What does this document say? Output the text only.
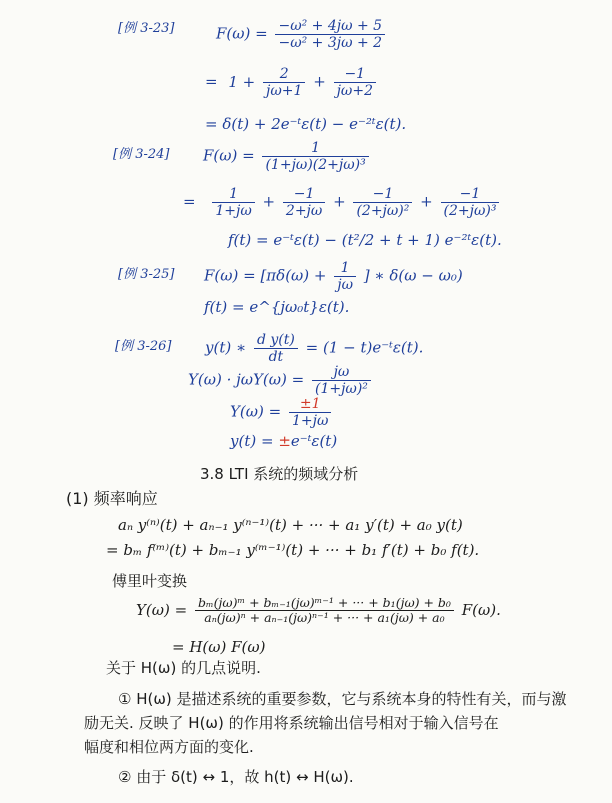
[例 3-23]	$F(\omega) = \frac{\text{−ω² + 4jω + 5}}{\text{−ω² + 3jω + 2}}$
= $1 + \frac{2}{j\omega+1} + \frac{-1}{j\omega+2}$
= δ(t) + 2e⁻ᵗε(t) − e⁻²ᵗε(t).
[例 3-24] $F(\omega) = \frac{1}{\text{(1+jω)(2+jω)³}}$
= $\frac{1}{1+j\omega} + \frac{-1}{2+j\omega} + \frac{-1}{\text{(2+jω)²}} + \frac{-1}{\text{(2+jω)³}}$
f(t) = e⁻ᵗε(t) − (t²/2 + t + 1) e⁻²ᵗε(t).
[例 3-25] $F(\omega) = [\pi\delta(\omega) + \frac{1}{j\omega}$ ] ∗ δ(ω − ω₀)
f(t) = e^{jω₀t}ε(t).
[例 3-26] y(t) ∗ $\frac{\text{d y(t)}}{dt} = (1$ − t)e⁻ᵗε(t).
$Y(\omega) \cdot j\omega Y(\omega) = \frac{j\omega}{\text{(1+jω)²}}$
$Y(\omega) = \frac{\pm 1}{1+j\omega}$
y(t) = ±e⁻ᵗε(t)
3.8 LTI 系统的频域分析
(1) 频率响应
aₙ y⁽ⁿ⁾(t) + aₙ₋₁ y⁽ⁿ⁻¹⁾(t) + ··· + a₁ y′(t) + a₀ y(t)
= bₘ f⁽ᵐ⁾(t) + bₘ₋₁ y⁽ᵐ⁻¹⁾(t) + ··· + b₁ f′(t) + b₀ f(t).
傅里叶变换
$Y(\omega) = \frac{\text{bₘ(jω)ᵐ + bₘ₋₁(jω)ᵐ⁻¹ + ··· + b₁(jω) + b₀}}{\text{aₙ(jω)ⁿ + aₙ₋₁(jω)ⁿ⁻¹ + ··· + a₁(jω) + a₀}} F(\omega)$.
= H(ω) F(ω)
关于 H(ω) 的几点说明.
① H(ω) 是描述系统的重要参数，它与系统本身的特性有关，而与激
励无关. 反映了 H(ω) 的作用将系统输出信号相对于输入信号在
幅度和相位两方面的变化.
② 由于 δ(t) ↔ 1，故 h(t) ↔ H(ω).
